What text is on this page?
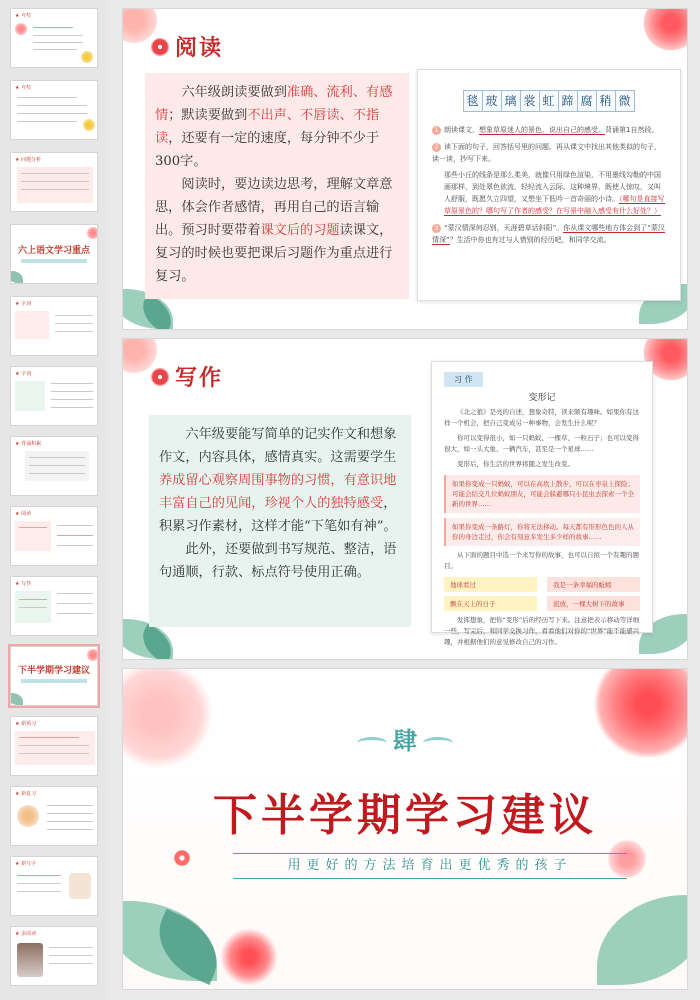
★ 夸奖
★ 夸奖
★ 问题分析
六上语文学习重点
★ 字词
★ 字词
★ 背诵积累
★ 阅读
★ 写作
下半学期学习建议
★ 新预习
★ 新复习
★ 新写字
★ 多阅读
阅读

六年级朗读要做到准确、流利、有感情；默读要做到不出声、不唇读、不指读，还要有一定的速度，每分钟不少于300字。

阅读时，要边读边思考，理解文章意思，体会作者感情，再用自己的语言输出。预习时要带着课文后的习题读课文，复习的时候也要把课后习题作为重点进行复习。

毯 玻 璃 裳 虹 蹄 腐 稍 微
1 朗读课文，想象草原迷人的景色，说出自己的感受。背诵第1自然段。
2 读下面的句子，回答括号里的问题。再从课文中找出其他类似的句子，读一读，抄写下来。
那些小丘的线条是那么柔美，就像只用绿色渲染，不用墨线勾勒的中国画那样，到处翠色欲流，轻轻流入云际。这种境界，既使人惊叹，又叫人舒服，既愿久立四望，又想坐下低吟一首奇丽的小诗。（哪句是直接写草原景色的？哪句写了作者的感受？在写景中融入感受有什么好处？）
3 “蒙汉情深何忍别，天涯碧草话斜阳”。你从课文哪些地方体会到了“蒙汉情深”？生活中你也有过与人惜别的经历吧，和同学交流。
写作

六年级要能写简单的记实作文和想象作文，内容具体，感情真实。这需要学生养成留心观察周围事物的习惯，有意识地丰富自己的见闻，珍视个人的独特感受，积累习作素材，这样才能“下笔如有神”。

此外，还要做到书写规范、整洁，语句通顺，行款、标点符号使用正确。

习 作
变形记
《北之狼》是亮的自述，想象奇特，读来颇有趣味。如果你有这样一个机会，把自己变成另一种事物，会发生什么呢？
你可以变得很小，如一只蚂蚁、一棵草、一粒石子；也可以变得很大，如一头大象、一辆汽车，甚至是一个星球……
变形后，你生活的世界将随之发生改变。
如果你变成一只蚂蚁，可以在高坎上散步，可以在枣泉上探险；可能会结交几位蚂蚁朋友，可能会躲避哪只小昆虫去探索一个全新的世界……
如果你变成一条路灯，你将无法移动。每天都有形形色色的人从你的身边走过，你会有刻意多发生多少样的故事……
从下面的题目中选一个来写你的故事，也可以自拟一个有趣的题目。
地球看过	我是一条幸福的蚯蚓
飘在天上的日子	流放，一棵大树下的故事
发挥想象，把你“变形”后的经历写下来。注意把表示移动等详细一些，写完后，和同学交换习作，看看他们对你的“世界”能不能感兴趣，并根据他们的意见修改自己的习作。
肆
下半学期学习建议
用更好的方法培育出更优秀的孩子
